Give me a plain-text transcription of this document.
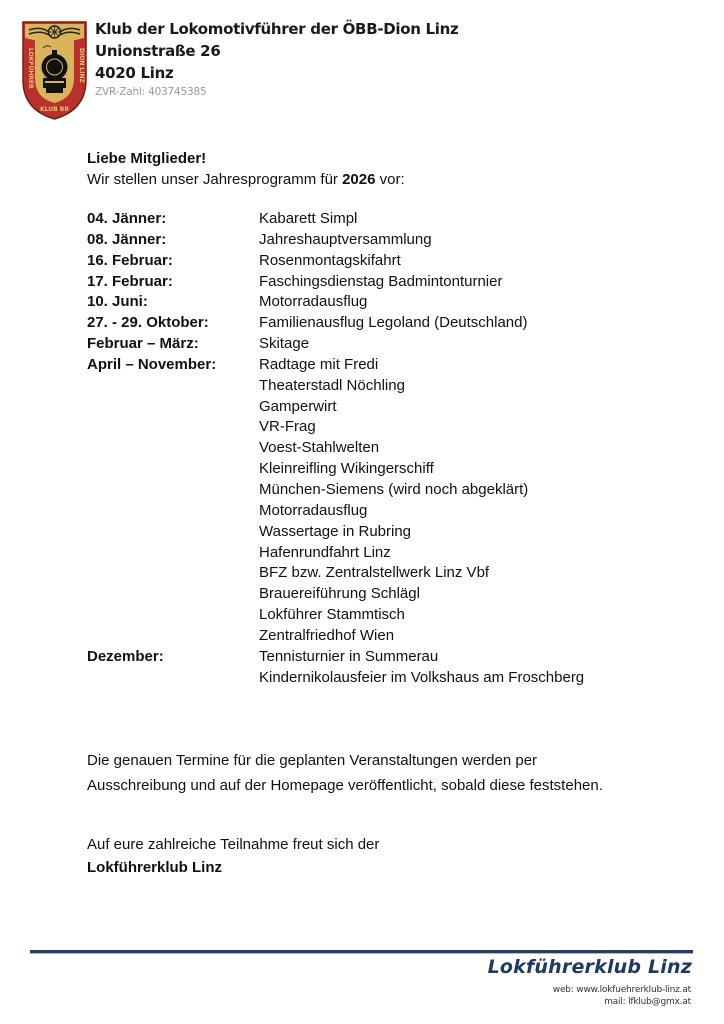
LOKFÜHRER	DION LINZ
KLUB BB
Klub der Lokomotivführer der ÖBB-Dion Linz
Unionstraße 26
4020 Linz
ZVR-Zahl: 403745385
Liebe Mitglieder!
Wir stellen unser Jahresprogramm für 2026 vor:
04. Jänner:	Kabarett Simpl
08. Jänner:	Jahreshauptversammlung
16. Februar:	Rosenmontagskifahrt
17. Februar:	Faschingsdienstag Badmintonturnier
10. Juni:	Motorradausflug
27. - 29. Oktober:	Familienausflug Legoland (Deutschland)
Februar – März:	Skitage
April – November:	Radtage mit Fredi
Theaterstadl Nöchling
Gamperwirt
VR-Frag
Voest-Stahlwelten
Kleinreifling Wikingerschiff
München-Siemens (wird noch abgeklärt)
Motorradausflug
Wassertage in Rubring
Hafenrundfahrt Linz
BFZ bzw. Zentralstellwerk Linz Vbf
Brauereiführung Schlägl
Lokführer Stammtisch
Zentralfriedhof Wien
Dezember:	Tennisturnier in Summerau
Kindernikolausfeier im Volkshaus am Froschberg
Die genauen Termine für die geplanten Veranstaltungen werden per
Ausschreibung und auf der Homepage veröffentlicht, sobald diese feststehen.
Auf eure zahlreiche Teilnahme freut sich der
Lokführerklub Linz
Lokführerklub Linz
web: www.lokfuehrerklub-linz.at
mail: lfklub@gmx.at
